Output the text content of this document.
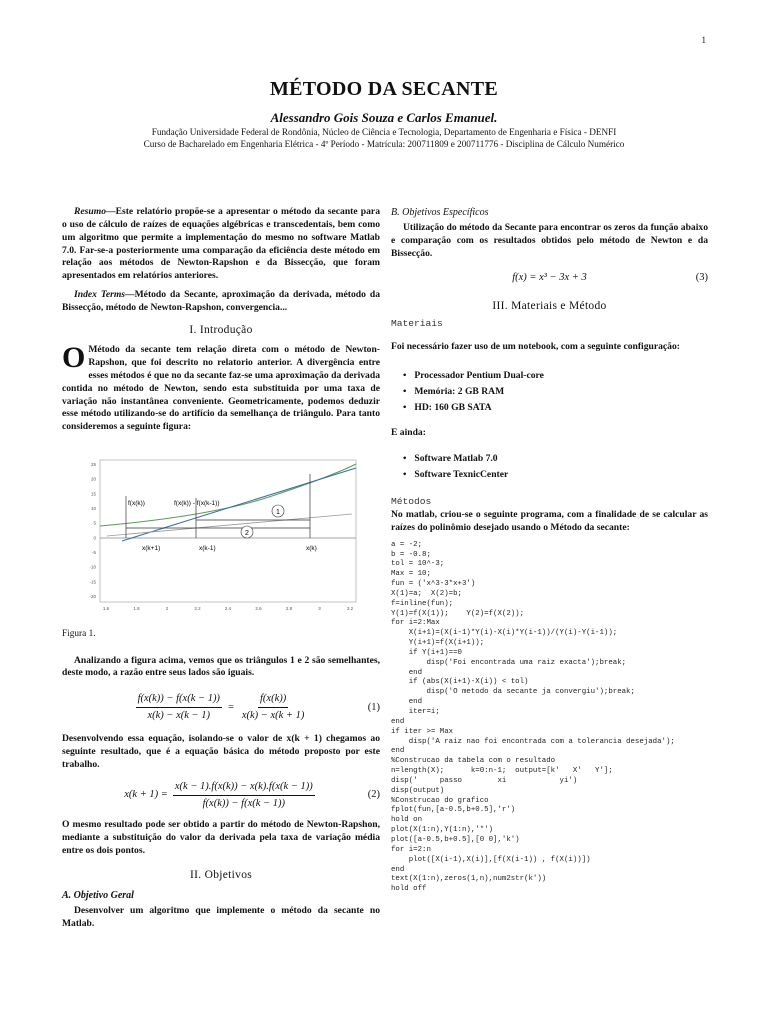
1
MÉTODO DA SECANTE
Alessandro Gois Souza e Carlos Emanuel.
Fundação Universidade Federal de Rondônia, Núcleo de Ciência e Tecnologia, Departamento de Engenharia e Física - DENFI
Curso de Bacharelado em Engenharia Elétrica - 4º Período - Matrícula: 200711809 e 200711776 - Disciplina de Cálculo Numérico

Resumo—Este relatório propõe-se a apresentar o método da secante para o uso de cálculo de raízes de equações algébricas e transcedentais, bem como um algoritmo que permite a implementação do mesmo no software Matlab 7.0. Far-se-a posteriormente uma comparação da eficiência deste método em relação aos métodos de Newton-Rapshon e da Bissecção, que foram apresentados em relatórios anteriores.

Index Terms—Método da Secante, aproximação da derivada, método da Bissecção, método de Newton-Rapshon, convergencia...

I. Introdução

O Método da secante tem relação direta com o método de Newton-Rapshon, que foi descrito no relatorio anterior. A divergência entre esses métodos é que no da secante faz-se uma aproximação da derivada contida no método de Newton, sendo esta substituida por uma taxa de variação não instantânea conveniente. Geometricamente, podemos deduzir esse método utilizando-se do artifício da semelhança de triângulo. Para tanto consideremos a seguinte figura:

25
20
15
10
5
0
-5
-10
-15
-20
1.6	1.8	2	2.2	2.4	2.6	2.8	3	3.2
1
2
f(x(k))	f(x(k)) - f(x(k-1))
x(k+1)	x(k-1)	x(k)
Figura 1.

Analizando a figura acima, vemos que os triângulos 1 e 2 são semelhantes, deste modo, a razão entre seus lados são iguais.

$\frac{f(x(k)) - f(x(k - 1))}{x(k) - x(k - 1)} = \frac{f(x(k))}{x(k) - x(k + 1)}$	(1)

Desenvolvendo essa equação, isolando-se o valor de x(k + 1) chegamos ao seguinte resultado, que é a equação básica do método proposto por este trabalho.

$x(k + 1) = \frac{x(k - 1).f(x(k)) - x(k).f(x(k - 1))}{f(x(k)) - f(x(k - 1))}$	(2)

O mesmo resultado pode ser obtido a partir do método de Newton-Rapshon, mediante a substituição do valor da derivada pela taxa de variação média entre os dois pontos.

II. Objetivos
A. Objetivo Geral

Desenvolver um algoritmo que implemente o método da secante no Matlab.

B. Objetivos Específicos

Utilização do método da Secante para encontrar os zeros da função abaixo e comparação com os resultados obtidos pelo método de Newton e da Bissecção.

f(x) = x³ − 3x + 3	(3)
III. Materiais e Método
Materiais

Foi necessário fazer uso de um notebook, com a seguinte configuração:

• Processador Pentium Dual-core
• Memória: 2 GB RAM
• HD: 160 GB SATA

E ainda:

• Software Matlab 7.0
• Software TexnicCenter
Métodos

No matlab, criou-se o seguinte programa, com a finalidade de se calcular as raízes do polinômio desejado usando o Método da secante:

a = -2;
b = -0.8;
tol = 10^-3;
Max = 10;
fun = ('x^3-3*x+3')
X(1)=a;  X(2)=b;
f=inline(fun);
Y(1)=f(X(1));    Y(2)=f(X(2));
for i=2:Max
X(i+1)=(X(i-1)*Y(i)-X(i)*Y(i-1))/(Y(i)-Y(i-1));
Y(i+1)=f(X(i+1));
if Y(i+1)==0
disp('Foi encontrada uma raiz exacta');break;
end
if (abs(X(i+1)-X(i)) < tol)
disp('O metodo da secante ja convergiu');break;
end
iter=i;
end
if iter >= Max
disp('A raiz nao foi encontrada com a tolerancia desejada');
end
%Construcao da tabela com o resultado
n=length(X);      k=0:n-1;  output=[k'   X'   Y'];
disp('     passo        xi            yi')
disp(output)
%Construcao do grafico
fplot(fun,[a-0.5,b+0.5],'r')
hold on
plot(X(1:n),Y(1:n),'*')
plot([a-0.5,b+0.5],[0 0],'k')
for i=2:n
plot([X(i-1),X(i)],[f(X(i-1)) , f(X(i))])
end
text(X(1:n),zeros(1,n),num2str(k'))
hold off
